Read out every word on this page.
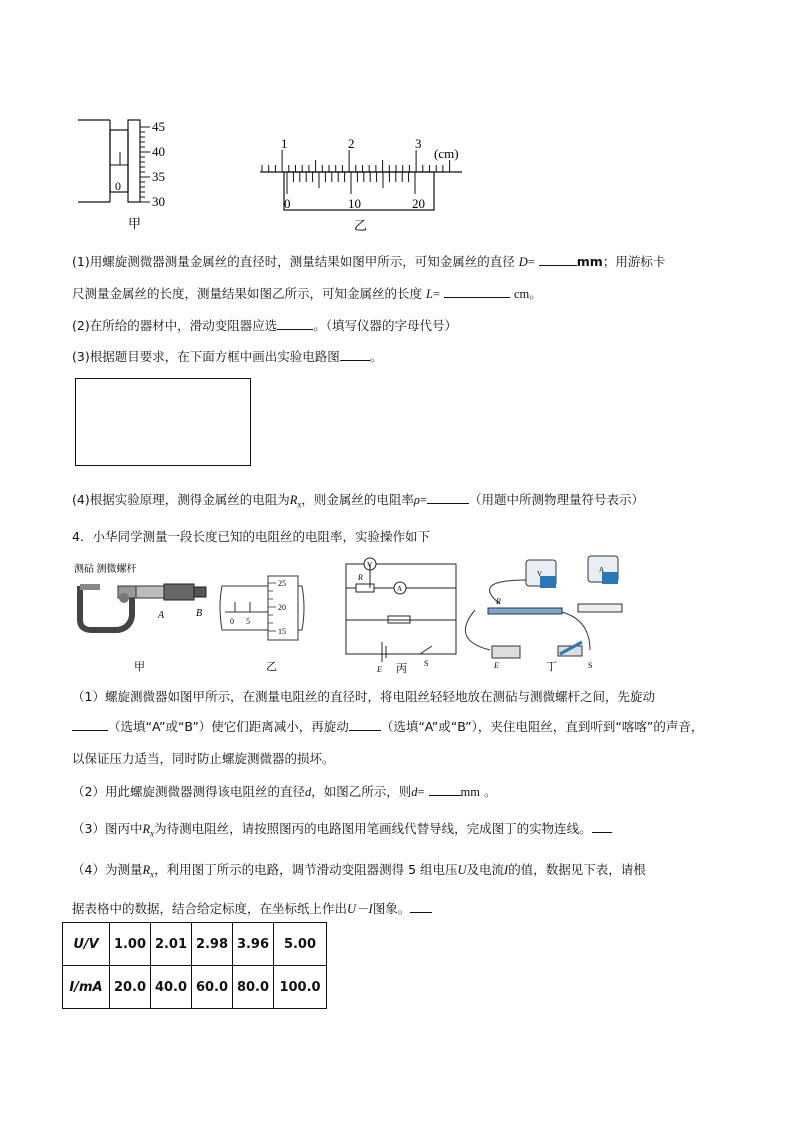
45
40
35
30
0
甲
1	2	3
(cm)
0	10	20
乙
(1)用螺旋测微器测量金属丝的直径时，测量结果如图甲所示，可知金属丝的直径 D=	mm；用游标卡
尺测量金属丝的长度，测量结果如图乙所示，可知金属丝的长度 L=	cm。
(2)在所给的器材中，滑动变阻器应选	。（填写仪器的字母代号）
(3)根据题目要求，在下面方框中画出实验电路图 。
(4)根据实验原理，测得金属丝的电阻为$R_x$，则金属丝的电阻率ρ=	（用题中所测物理量符号表示）
4．小华同学测量一段长度已知的电阻丝的电阻率，实验操作如下
测砧 测微螺杆
A	B
甲
25
20
15
0 5
乙
V
A
R
E
S
丙
V	A
R
E	S
丁
（1）螺旋测微器如图甲所示，在测量电阻丝的直径时，将电阻丝轻轻地放在测砧与测微螺杆之间，先旋动
（选填“A”或“B”）使它们距离减小，再旋动	（选填“A”或“B”），夹住电阻丝，直到听到“喀喀”的声音，
以保证压力适当，同时防止螺旋测微器的损坏。
（2）用此螺旋测微器测得该电阻丝的直径d，如图乙所示，则d=	mm 。
（3）图丙中$R_x$为待测电阻丝，请按照图丙的电路图用笔画线代替导线，完成图丁的实物连线。
（4）为测量$R_x$，利用图丁所示的电路，调节滑动变阻器测得 5 组电压U及电流I的值，数据见下表，请根
据表格中的数据，结合给定标度，在坐标纸上作出U－I图象。
U/V	1.00	2.01	2.98	3.96	5.00
I/mA	20.0	40.0	60.0	80.0	100.0
